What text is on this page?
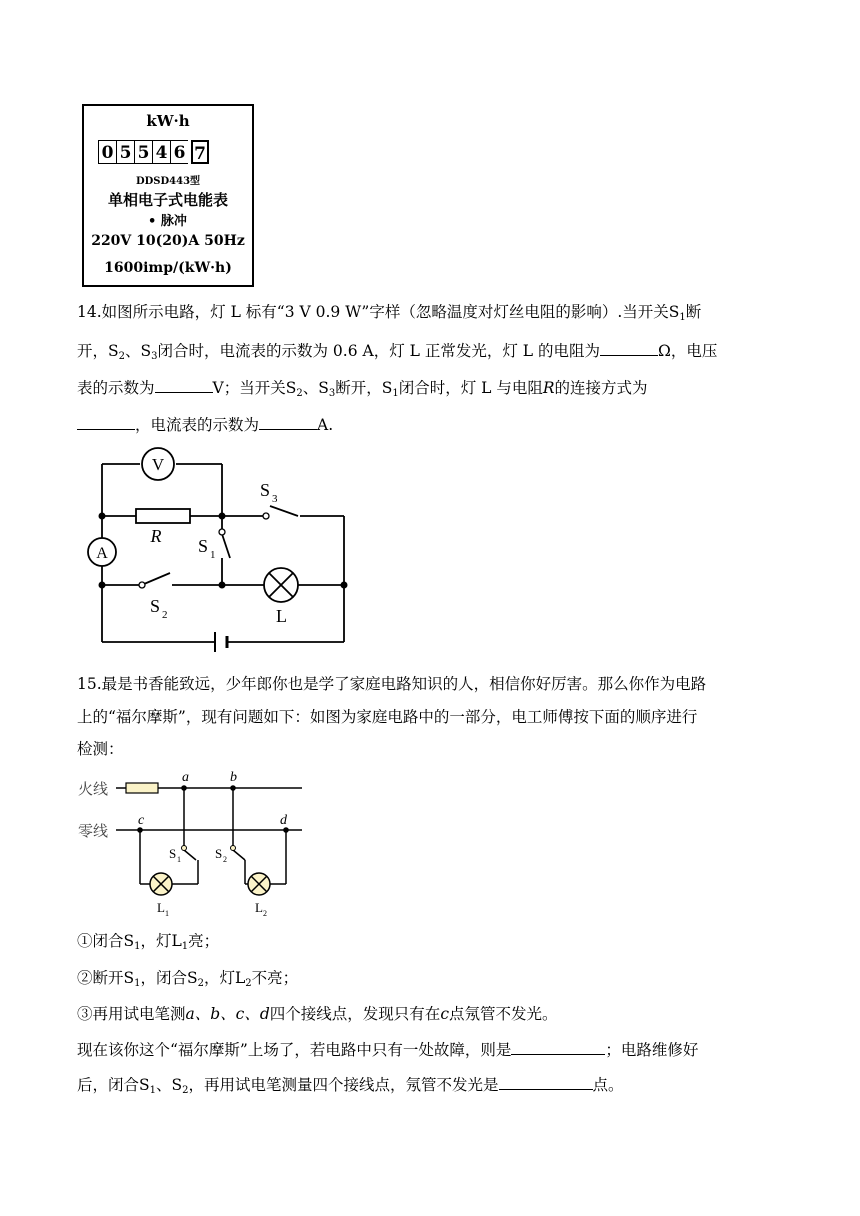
kW·h
0 5 5 4 6 7
DDSD443型
单相电子式电能表
• 脉冲
220V 10(20)A 50Hz
1600imp/(kW·h)
14.如图所示电路，灯 L 标有“3 V 0.9 W”字样（忽略温度对灯丝电阻的影响）.当开关$S_1$断
开，$S_2$、$S_3$闭合时，电流表的示数为 0.6 A，灯 L 正常发光，灯 L 的电阻为	Ω，电压
表的示数为	V；当开关$S_2$、$S_3$断开，$S_1$闭合时，灯 L 与电阻R的连接方式为
，电流表的示数为	A.
V
A
R
S 3
S 1
S 2	L
15.最是书香能致远，少年郎你也是学了家庭电路知识的人，相信你好厉害。那么你作为电路
上的“福尔摩斯”，现有问题如下：如图为家庭电路中的一部分，电工师傅按下面的顺序进行
检测：
火线
零线
a	b
c	d
S 1	S 2
L 1	L 2
①闭合$S_1$，灯$L_1$亮；
②断开$S_1$，闭合$S_2$，灯$L_2$不亮；
③再用试电笔测a、b、c、d四个接线点，发现只有在c点氖管不发光。
现在该你这个“福尔摩斯”上场了，若电路中只有一处故障，则是	；电路维修好
后，闭合$S_1$、$S_2$，再用试电笔测量四个接线点，氖管不发光是	点。
